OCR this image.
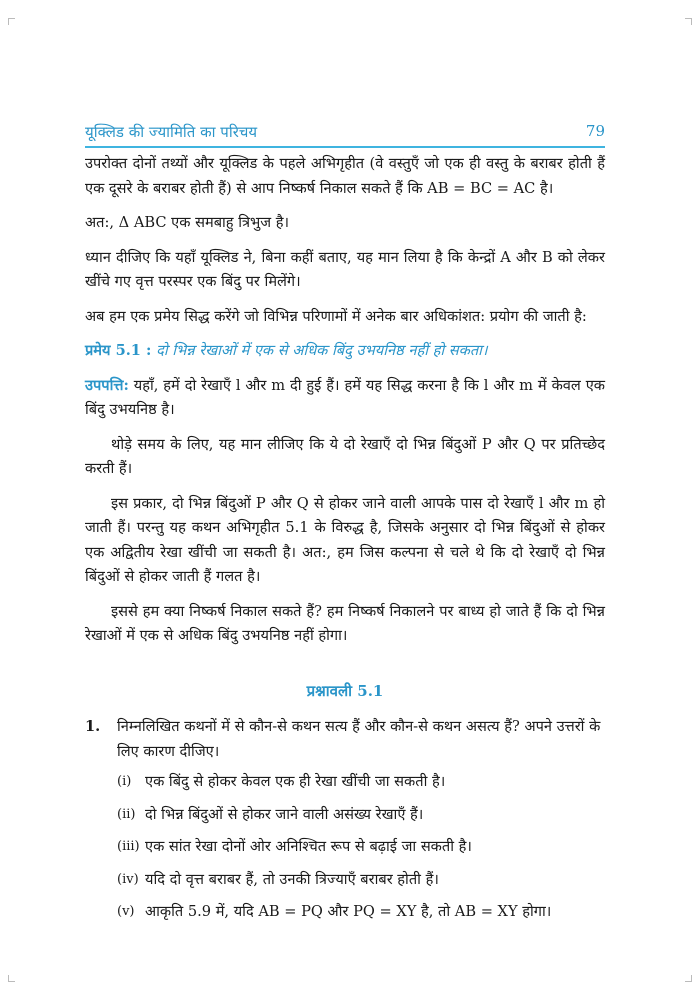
यूक्लिड की ज्यामिति का परिचय	79

उपरोक्त दोनों तथ्यों और यूक्लिड के पहले अभिगृहीत (वे वस्तुएँ जो एक ही वस्तु के बराबर होती हैं एक दूसरे के बराबर होती हैं) से आप निष्कर्ष निकाल सकते हैं कि AB = BC = AC है।

अत:, Δ ABC एक समबाहु त्रिभुज है।

ध्यान दीजिए कि यहाँ यूक्लिड ने, बिना कहीं बताए, यह मान लिया है कि केन्द्रों A और B को लेकर खींचे गए वृत्त परस्पर एक बिंदु पर मिलेंगे।

अब हम एक प्रमेय सिद्ध करेंगे जो विभिन्न परिणामों में अनेक बार अधिकांशत: प्रयोग की जाती है:

प्रमेय 5.1 : दो भिन्न रेखाओं में एक से अधिक बिंदु उभयनिष्ठ नहीं हो सकता।

उपपत्ति: यहाँ, हमें दो रेखाएँ l और m दी हुई हैं। हमें यह सिद्ध करना है कि l और m में केवल एक बिंदु उभयनिष्ठ है।

थोड़े समय के लिए, यह मान लीजिए कि ये दो रेखाएँ दो भिन्न बिंदुओं P और Q पर प्रतिच्छेद करती हैं।

इस प्रकार, दो भिन्न बिंदुओं P और Q से होकर जाने वाली आपके पास दो रेखाएँ l और m हो जाती हैं। परन्तु यह कथन अभिगृहीत 5.1 के विरुद्ध है, जिसके अनुसार दो भिन्न बिंदुओं से होकर एक अद्वितीय रेखा खींची जा सकती है। अत:, हम जिस कल्पना से चले थे कि दो रेखाएँ दो भिन्न बिंदुओं से होकर जाती हैं गलत है।

इससे हम क्या निष्कर्ष निकाल सकते हैं? हम निष्कर्ष निकालने पर बाध्य हो जाते हैं कि दो भिन्न रेखाओं में एक से अधिक बिंदु उभयनिष्ठ नहीं होगा।

प्रश्नावली 5.1
1.	निम्नलिखित कथनों में से कौन-से कथन सत्य हैं और कौन-से कथन असत्य हैं? अपने उत्तरों के लिए कारण दीजिए।
(i) एक बिंदु से होकर केवल एक ही रेखा खींची जा सकती है।
(ii) दो भिन्न बिंदुओं से होकर जाने वाली असंख्य रेखाएँ हैं।
(iii) एक सांत रेखा दोनों ओर अनिश्चित रूप से बढ़ाई जा सकती है।
(iv) यदि दो वृत्त बराबर हैं, तो उनकी त्रिज्याएँ बराबर होती हैं।
(v) आकृति 5.9 में, यदि AB = PQ और PQ = XY है, तो AB = XY होगा।
